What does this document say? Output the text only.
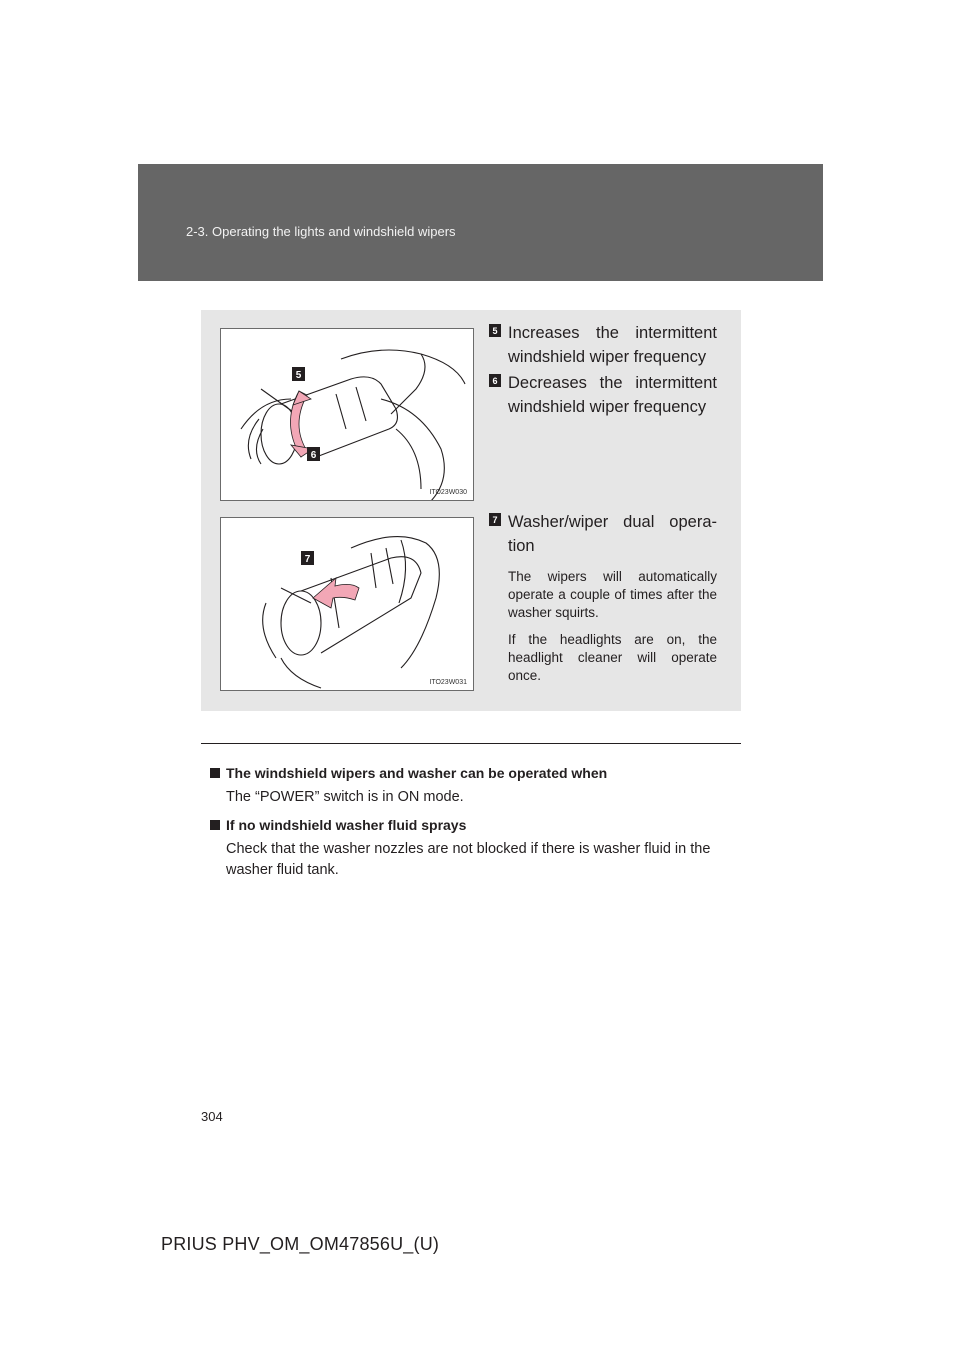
2-3. Operating the lights and windshield wipers
5
6
ITO23W030
7
ITO23W031
5 Increases the intermittent windshield wiper frequency
6 Decreases the intermittent windshield wiper frequency
7 Washer/wiper dual opera-tion
The wipers will automatically operate a couple of times after the washer squirts.
If the headlights are on, the headlight cleaner will operate once.
The windshield wipers and washer can be operated when
The “POWER” switch is in ON mode.
If no windshield washer fluid sprays
Check that the washer nozzles are not blocked if there is washer fluid in the washer fluid tank.
304
PRIUS PHV_OM_OM47856U_(U)
